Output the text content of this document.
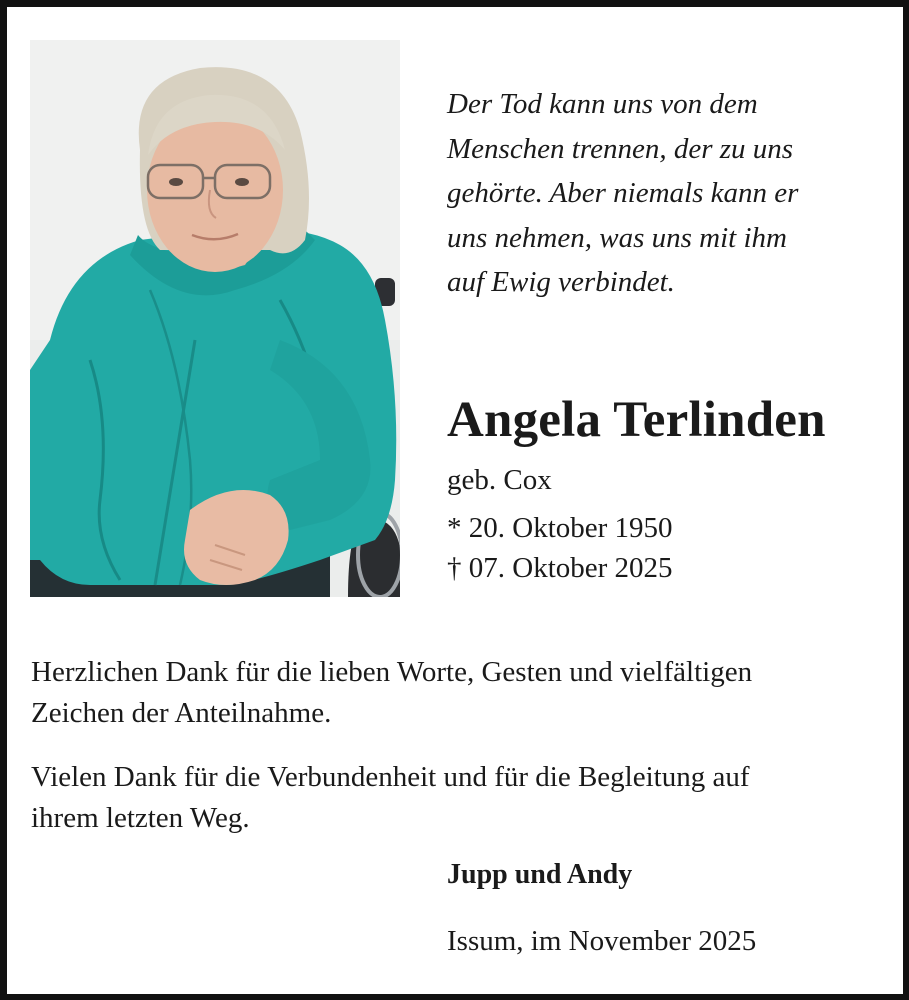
Der Tod kann uns von dem
Menschen trennen, der zu uns
gehörte. Aber niemals kann er
uns nehmen, was uns mit ihm
auf Ewig verbindet.
Angela Terlinden
geb. Cox
* 20. Oktober 1950
† 07. Oktober 2025
Herzlichen Dank für die lieben Worte, Gesten und vielfältigen
Zeichen der Anteilnahme.
Vielen Dank für die Verbundenheit und für die Begleitung auf
ihrem letzten Weg.
Jupp und Andy
Issum, im November 2025
